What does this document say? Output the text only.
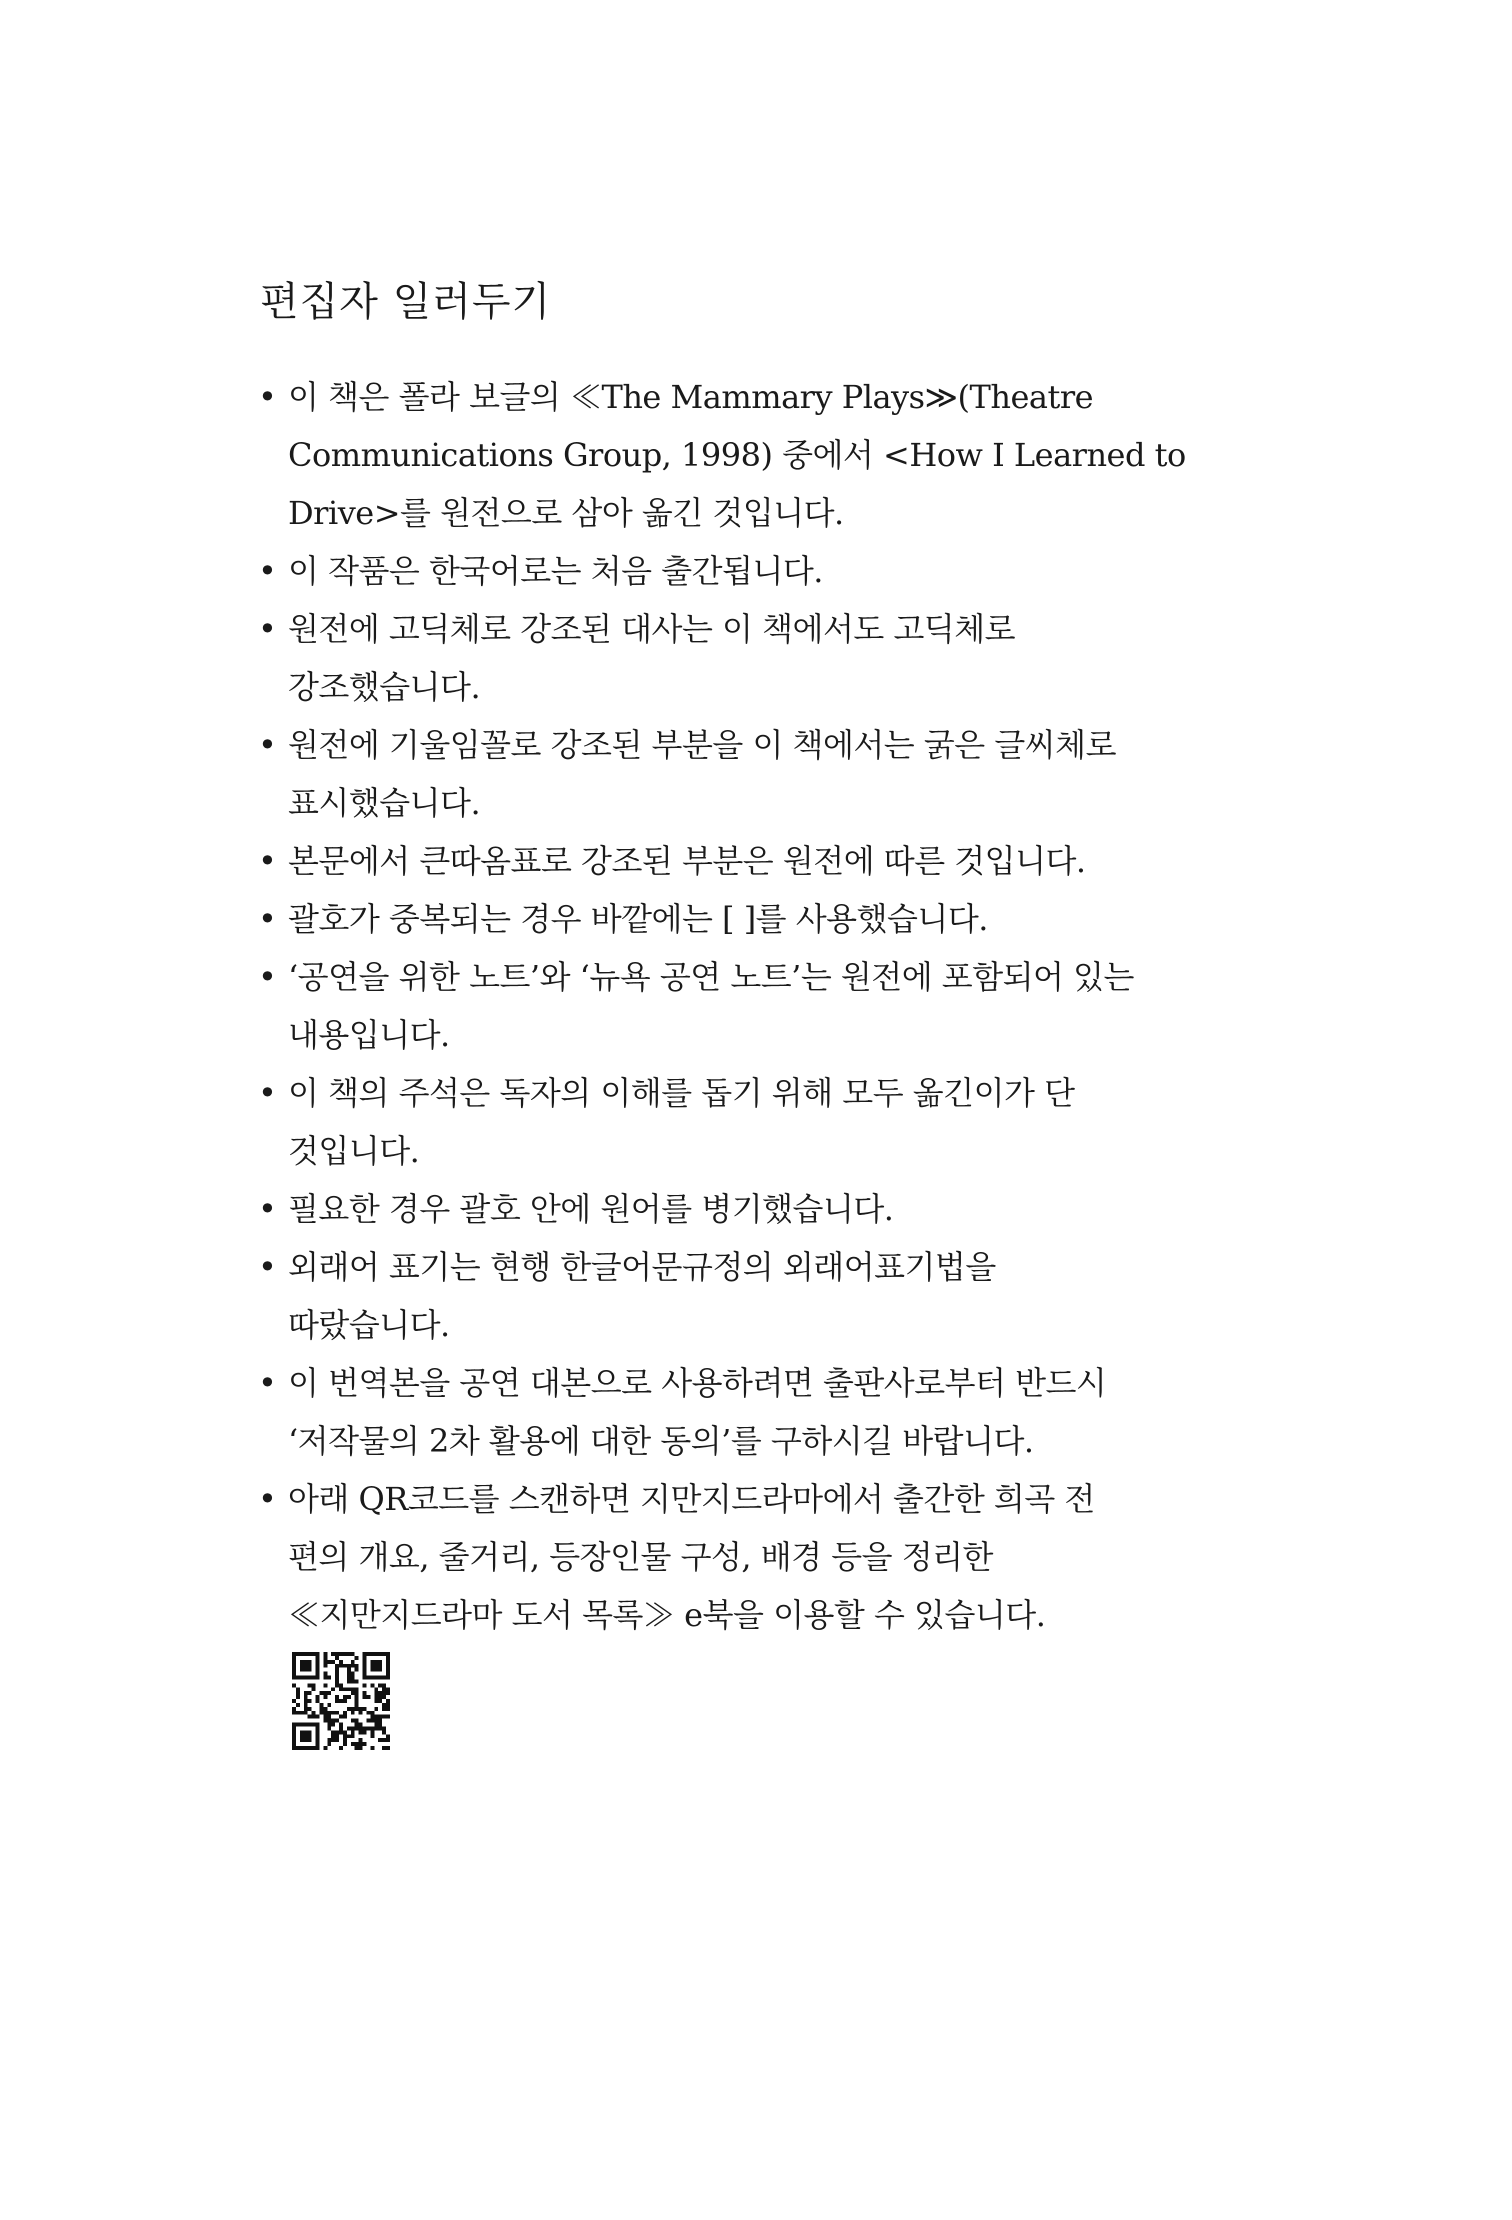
편집자 일러두기
• 이 책은 폴라 보글의 ≪The Mammary Plays≫(Theatre
Communications Group, 1998) 중에서 <How I Learned to
Drive>를 원전으로 삼아 옮긴 것입니다.
• 이 작품은 한국어로는 처음 출간됩니다.
• 원전에 고딕체로 강조된 대사는 이 책에서도 고딕체로
강조했습니다.
• 원전에 기울임꼴로 강조된 부분을 이 책에서는 굵은 글씨체로
표시했습니다.
• 본문에서 큰따옴표로 강조된 부분은 원전에 따른 것입니다.
• 괄호가 중복되는 경우 바깥에는 [ ]를 사용했습니다.
• ‘공연을 위한 노트’와 ‘뉴욕 공연 노트’는 원전에 포함되어 있는
내용입니다.
• 이 책의 주석은 독자의 이해를 돕기 위해 모두 옮긴이가 단
것입니다.
• 필요한 경우 괄호 안에 원어를 병기했습니다.
• 외래어 표기는 현행 한글어문규정의 외래어표기법을
따랐습니다.
• 이 번역본을 공연 대본으로 사용하려면 출판사로부터 반드시
‘저작물의 2차 활용에 대한 동의’를 구하시길 바랍니다.
• 아래 QR코드를 스캔하면 지만지드라마에서 출간한 희곡 전
편의 개요, 줄거리, 등장인물 구성, 배경 등을 정리한
≪지만지드라마 도서 목록≫ e북을 이용할 수 있습니다.
